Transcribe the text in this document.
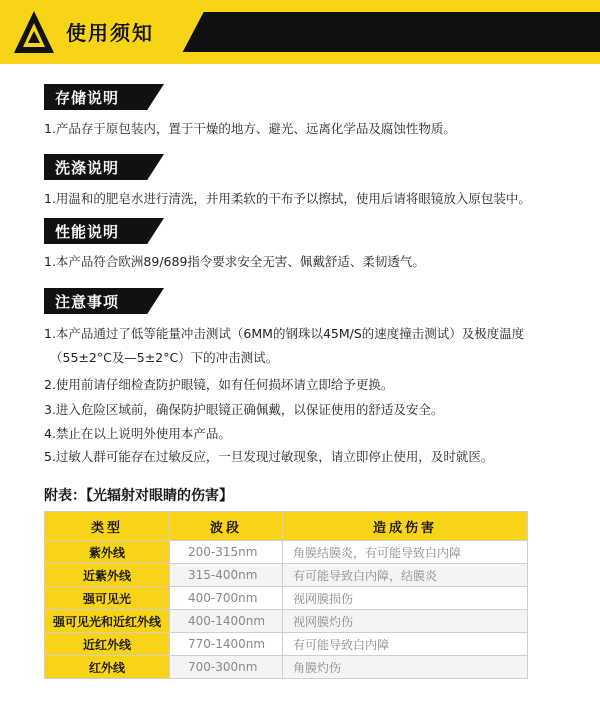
使用须知
存储说明
1.产品存于原包装内，置于干燥的地方、避光、远离化学品及腐蚀性物质。
洗涤说明
1.用温和的肥皂水进行清洗，并用柔软的干布予以擦拭，使用后请将眼镜放入原包装中。
性能说明
1.本产品符合欧洲89/689指令要求安全无害、佩戴舒适、柔韧透气。
注意事项
1.本产品通过了低等能量冲击测试（6MM的钢珠以45M/S的速度撞击测试）及极度温度
（55±2°C及—5±2°C）下的冲击测试。
2.使用前请仔细检查防护眼镜，如有任何损坏请立即给予更换。
3.进入危险区域前，确保防护眼镜正确佩戴，以保证使用的舒适及安全。
4.禁止在以上说明外使用本产品。
5.过敏人群可能存在过敏反应，一旦发现过敏现象，请立即停止使用，及时就医。
附表：【光辐射对眼睛的伤害】
类型	波段	造成伤害
紫外线	200-315nm	角膜结膜炎，有可能导致白内障
近紫外线	315-400nm	有可能导致白内障，结膜炎
强可见光	400-700nm	视网膜损伤
强可见光和近红外线	400-1400nm	视网膜灼伤
近红外线	770-1400nm	有可能导致白内障
红外线	700-300nm	角膜灼伤
